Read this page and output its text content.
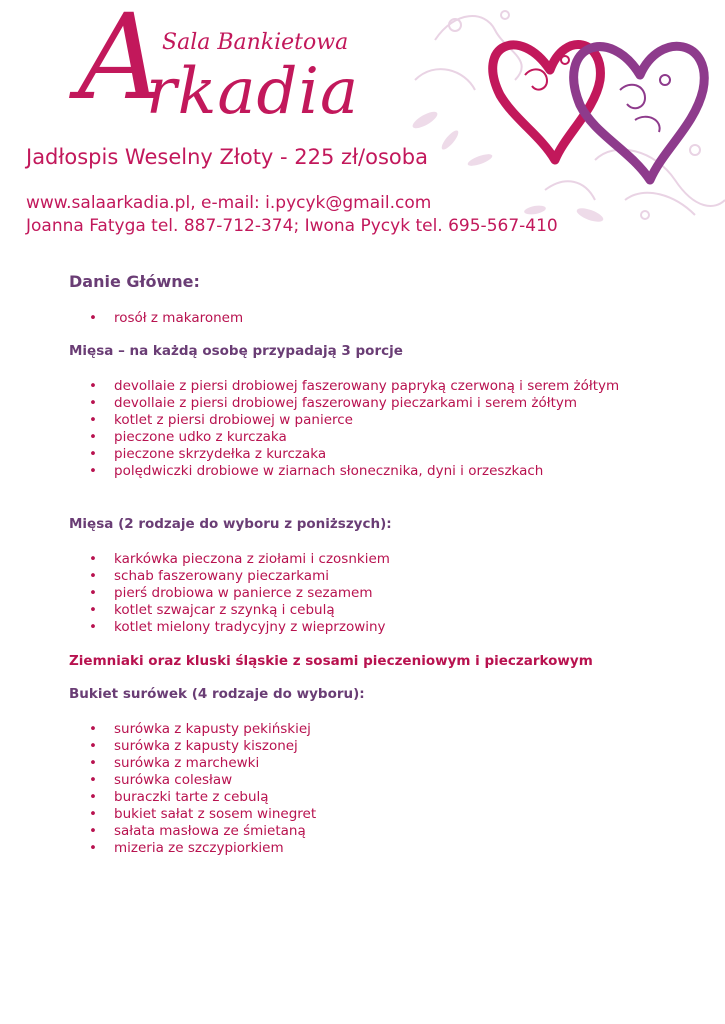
A
Sala Bankietowa
rkadia
Jadłospis Weselny Złoty - 225 zł/osoba

www.salaarkadia.pl, e-mail: i.pycyk@gmail.com

Joanna Fatyga tel. 887-712-374; Iwona Pycyk tel. 695-567-410

Danie Główne:
• rosół z makaronem
Mięsa – na każdą osobę przypadają 3 porcje
• devollaie z piersi drobiowej faszerowany papryką czerwoną i serem żółtym
• devollaie z piersi drobiowej faszerowany pieczarkami i serem żółtym
• kotlet z piersi drobiowej w panierce
• pieczone udko z kurczaka
• pieczone skrzydełka z kurczaka
• polędwiczki drobiowe w ziarnach słonecznika, dyni i orzeszkach
Mięsa (2 rodzaje do wyboru z poniższych):
• karkówka pieczona z ziołami i czosnkiem
• schab faszerowany pieczarkami
• pierś drobiowa w panierce z sezamem
• kotlet szwajcar z szynką i cebulą
• kotlet mielony tradycyjny z wieprzowiny
Ziemniaki oraz kluski śląskie z sosami pieczeniowym i pieczarkowym
Bukiet surówek (4 rodzaje do wyboru):
• surówka z kapusty pekińskiej
• surówka z kapusty kiszonej
• surówka z marchewki
• surówka colesław
• buraczki tarte z cebulą
• bukiet sałat z sosem winegret
• sałata masłowa ze śmietaną
• mizeria ze szczypiorkiem
